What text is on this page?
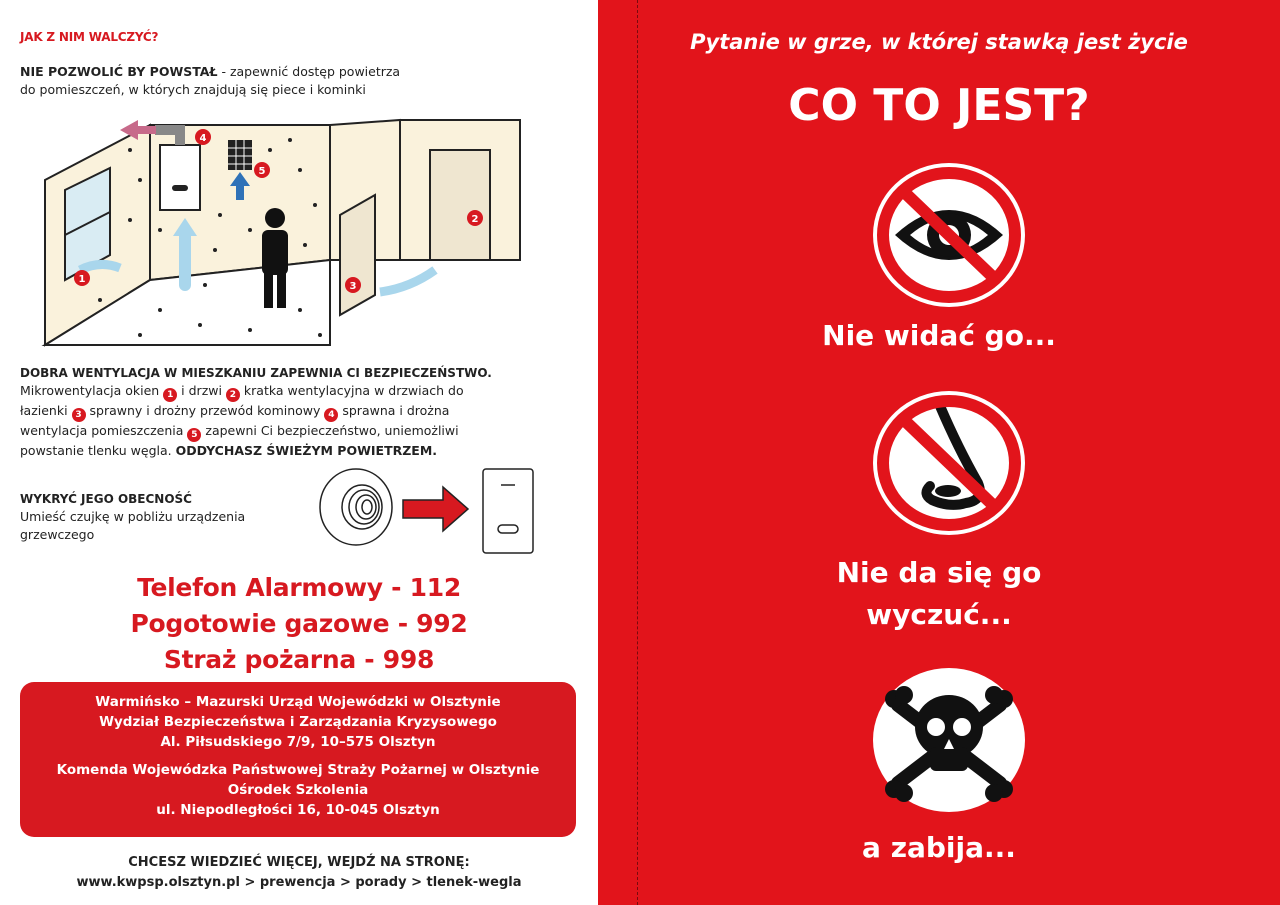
JAK Z NIM WALCZYĆ?
NIE POZWOLIĆ BY POWSTAŁ - zapewnić dostęp powietrza
do pomieszczeń, w których znajdują się piece i kominki
1
2
3
4
5
DOBRA WENTYLACJA W MIESZKANIU ZAPEWNIA CI BEZPIECZEŃSTWO.
Mikrowentylacja okien 1 i drzwi 2 kratka wentylacyjna w drzwiach do
łazienki 3 sprawny i drożny przewód kominowy 4 sprawna i drożna
wentylacja pomieszczenia 5 zapewni Ci bezpieczeństwo, uniemożliwi
powstanie tlenku węgla. ODDYCHASZ ŚWIEŻYM POWIETRZEM.
WYKRYĆ JEGO OBECNOŚĆ
Umieść czujkę w pobliżu urządzenia
grzewczego
Telefon Alarmowy - 112
Pogotowie gazowe - 992
Straż pożarna - 998
Warmińsko – Mazurski Urząd Wojewódzki w Olsztynie
Wydział Bezpieczeństwa i Zarządzania Kryzysowego
Al. Piłsudskiego 7/9, 10–575 Olsztyn
Komenda Wojewódzka Państwowej Straży Pożarnej w Olsztynie
Ośrodek Szkolenia
ul. Niepodległości 16, 10-045 Olsztyn
CHCESZ WIEDZIEĆ WIĘCEJ, WEJDŹ NA STRONĘ:
www.kwpsp.olsztyn.pl > prewencja > porady > tlenek-wegla
Pytanie w grze, w której stawką jest życie
CO TO JEST?
Nie widać go...
Nie da się go
wyczuć...
a zabija...
